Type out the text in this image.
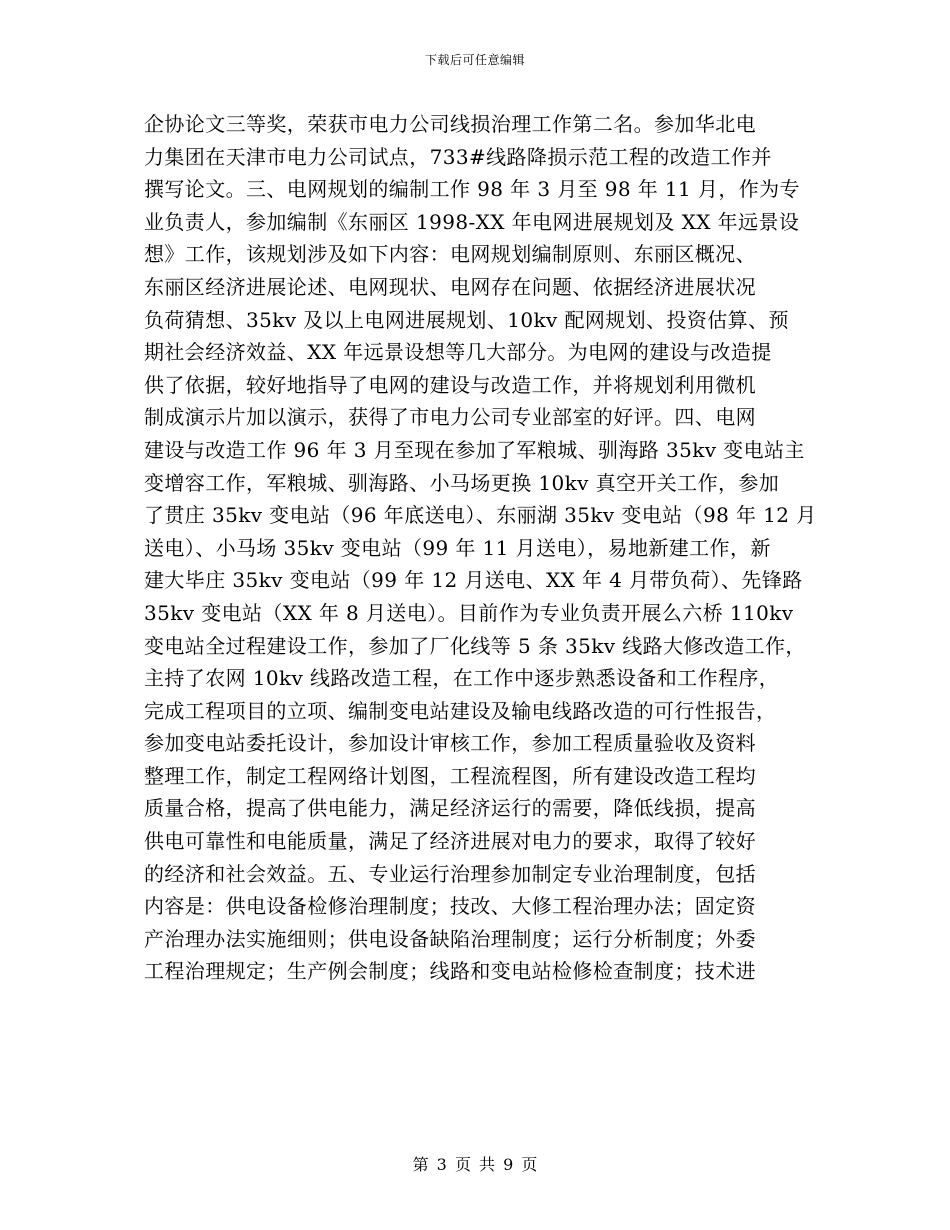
下载后可任意编辑
企协论文三等奖，荣获市电力公司线损治理工作第二名。参加华北电
力集团在天津市电力公司试点，733#线路降损示范工程的改造工作并
撰写论文。三、电网规划的编制工作 98 年 3 月至 98 年 11 月，作为专
业负责人，参加编制《东丽区 1998-XX 年电网进展规划及 XX 年远景设
想》工作，该规划涉及如下内容：电网规划编制原则、东丽区概况、
东丽区经济进展论述、电网现状、电网存在问题、依据经济进展状况
负荷猜想、35kv 及以上电网进展规划、10kv 配网规划、投资估算、预
期社会经济效益、XX 年远景设想等几大部分。为电网的建设与改造提
供了依据，较好地指导了电网的建设与改造工作，并将规划利用微机
制成演示片加以演示，获得了市电力公司专业部室的好评。四、电网
建设与改造工作 96 年 3 月至现在参加了军粮城、驯海路 35kv 变电站主
变增容工作，军粮城、驯海路、小马场更换 10kv 真空开关工作，参加
了贯庄 35kv 变电站（96 年底送电）、东丽湖 35kv 变电站（98 年 12 月
送电）、小马场 35kv 变电站（99 年 11 月送电），易地新建工作，新
建大毕庄 35kv 变电站（99 年 12 月送电、XX 年 4 月带负荷）、先锋路
35kv 变电站（XX 年 8 月送电）。目前作为专业负责开展么六桥 110kv
变电站全过程建设工作，参加了厂化线等 5 条 35kv 线路大修改造工作，
主持了农网 10kv 线路改造工程，在工作中逐步熟悉设备和工作程序，
完成工程项目的立项、编制变电站建设及输电线路改造的可行性报告，
参加变电站委托设计，参加设计审核工作，参加工程质量验收及资料
整理工作，制定工程网络计划图，工程流程图，所有建设改造工程均
质量合格，提高了供电能力，满足经济运行的需要，降低线损，提高
供电可靠性和电能质量，满足了经济进展对电力的要求，取得了较好
的经济和社会效益。五、专业运行治理参加制定专业治理制度，包括
内容是：供电设备检修治理制度；技改、大修工程治理办法；固定资
产治理办法实施细则；供电设备缺陷治理制度；运行分析制度；外委
工程治理规定；生产例会制度；线路和变电站检修检查制度；技术进
第 3 页 共 9 页
